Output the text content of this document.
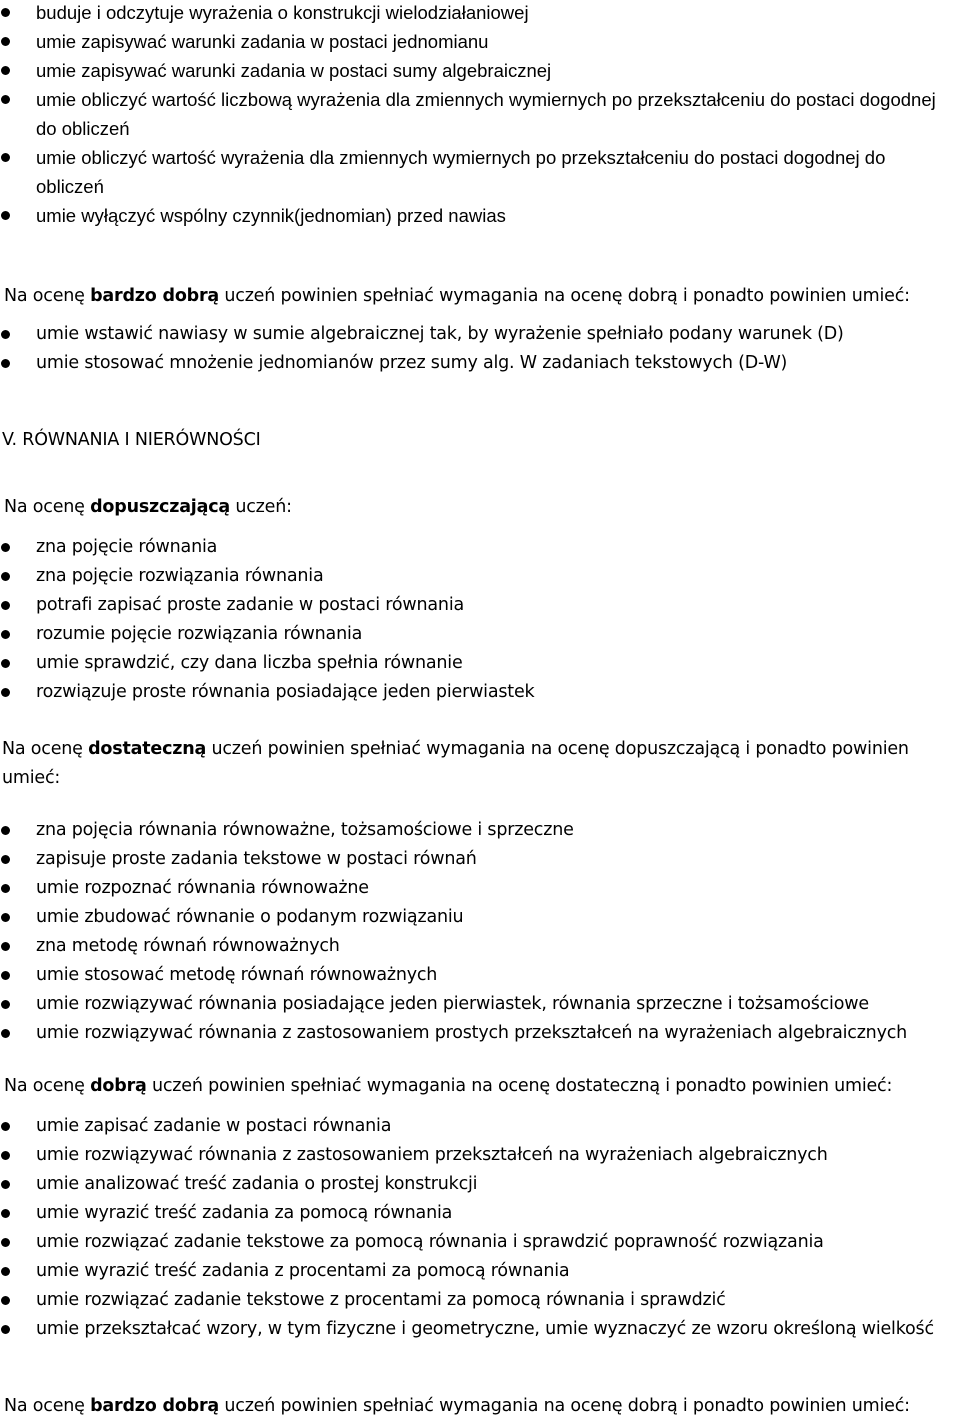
buduje i odczytuje wyrażenia o konstrukcji wielodziałaniowej
umie zapisywać warunki zadania w postaci jednomianu
umie zapisywać warunki zadania w postaci sumy algebraicznej
umie obliczyć wartość liczbową wyrażenia dla zmiennych wymiernych po przekształceniu do postaci dogodnej do obliczeń
umie obliczyć wartość wyrażenia dla zmiennych wymiernych po przekształceniu do postaci dogodnej do obliczeń
umie wyłączyć wspólny czynnik(jednomian) przed nawias
Na ocenę bardzo dobrą uczeń powinien spełniać wymagania na ocenę dobrą i ponadto powinien umieć:
umie wstawić nawiasy w sumie algebraicznej tak, by wyrażenie spełniało podany warunek (D)
umie stosować mnożenie jednomianów przez sumy alg. W zadaniach tekstowych (D-W)
V. RÓWNANIA I NIERÓWNOŚCI
Na ocenę dopuszczającą uczeń:
zna pojęcie równania
zna pojęcie rozwiązania równania
potrafi zapisać proste zadanie w postaci równania
rozumie pojęcie rozwiązania równania
umie sprawdzić, czy dana liczba spełnia równanie
rozwiązuje proste równania posiadające jeden pierwiastek
Na ocenę dostateczną uczeń powinien spełniać wymagania na ocenę dopuszczającą i ponadto powinien
umieć:
zna pojęcia równania równoważne, tożsamościowe i sprzeczne
zapisuje proste zadania tekstowe w postaci równań
umie rozpoznać równania równoważne
umie zbudować równanie o podanym rozwiązaniu
zna metodę równań równoważnych
umie stosować metodę równań równoważnych
umie rozwiązywać równania posiadające jeden pierwiastek, równania sprzeczne i tożsamościowe
umie rozwiązywać równania z zastosowaniem prostych przekształceń na wyrażeniach algebraicznych
Na ocenę dobrą uczeń powinien spełniać wymagania na ocenę dostateczną i ponadto powinien umieć:
umie zapisać zadanie w postaci równania
umie rozwiązywać równania z zastosowaniem przekształceń na wyrażeniach algebraicznych
umie analizować treść zadania o prostej konstrukcji
umie wyrazić treść zadania za pomocą równania
umie rozwiązać zadanie tekstowe za pomocą równania i sprawdzić poprawność rozwiązania
umie wyrazić treść zadania z procentami za pomocą równania
umie rozwiązać zadanie tekstowe z procentami za pomocą równania i sprawdzić
umie przekształcać wzory, w tym fizyczne i geometryczne, umie wyznaczyć ze wzoru określoną wielkość
Na ocenę bardzo dobrą uczeń powinien spełniać wymagania na ocenę dobrą i ponadto powinien umieć:
